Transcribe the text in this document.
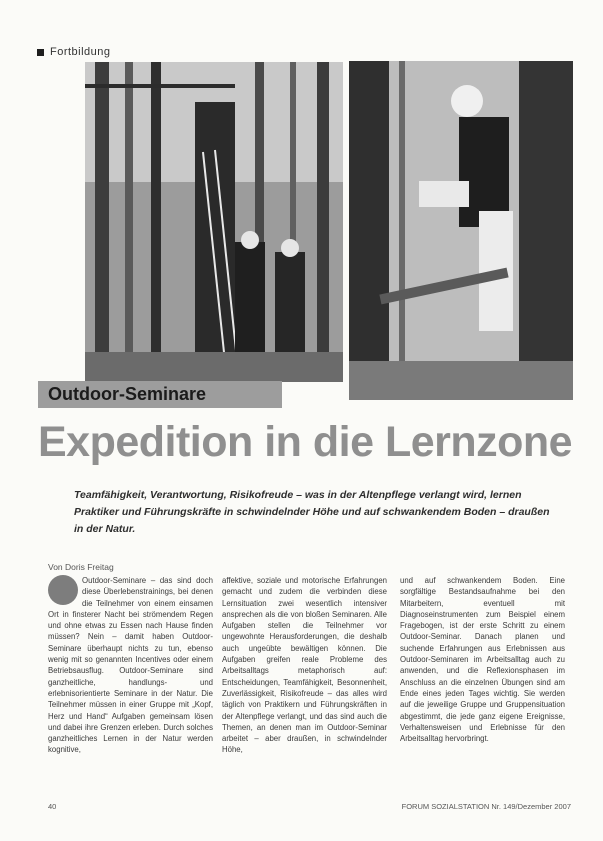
Fortbildung
Outdoor-Seminare
Expedition in die Lernzone
Teamfähigkeit, Verantwortung, Risikofreude – was in der Altenpflege verlangt wird, lernen Praktiker und Führungskräfte in schwindelnder Höhe und auf schwankendem Boden – draußen in der Natur.
Von Doris Freitag
Outdoor-Seminare – das sind doch diese Überlebenstrainings, bei denen die Teilnehmer von einem einsamen Ort in finsterer Nacht bei strömendem Regen und ohne etwas zu Essen nach Hause finden müssen? Nein – damit haben Outdoor-Seminare überhaupt nichts zu tun, ebenso wenig mit so genannten Incentives oder einem Betriebsausflug. Outdoor-Seminare sind ganzheitliche, handlungs- und erlebnisorientierte Seminare in der Natur. Die Teilnehmer müssen in einer Gruppe mit „Kopf, Herz und Hand“ Aufgaben gemeinsam lösen und dabei ihre Grenzen erleben. Durch solches ganzheitliches Lernen in der Natur werden kognitive,
affektive, soziale und motorische Erfahrungen gemacht und zudem die verbinden diese Lernsituation zwei wesentlich intensiver ansprechen als die von bloßen Seminaren. Alle Aufgaben stellen die Teilnehmer vor ungewohnte Herausforderungen, die deshalb auch ungeübte bewältigen können. Die Aufgaben greifen reale Probleme des Arbeitsalltags metaphorisch auf: Entscheidungen, Teamfähigkeit, Besonnenheit, Zuverlässigkeit, Risikofreude – das alles wird täglich von Praktikern und Führungskräften in der Altenpflege verlangt, und das sind auch die Themen, an denen man im Outdoor-Seminar arbeitet – aber draußen, in schwindelnder Höhe,
und auf schwankendem Boden. Eine sorgfältige Bestandsaufnahme bei den Mitarbeitern, eventuell mit Diagnoseinstrumenten zum Beispiel einem Fragebogen, ist der erste Schritt zu einem Outdoor-Seminar. Danach planen und suchende Erfahrungen aus Erlebnissen aus Outdoor-Seminaren im Arbeitsalltag auch zu anwenden, und die Reflexionsphasen im Anschluss an die einzelnen Übungen sind am Ende eines jeden Tages wichtig. Sie werden auf die jeweilige Gruppe und Gruppensituation abgestimmt, die jede ganz eigene Ereignisse, Verhaltensweisen und Erlebnisse für den Arbeitsalltag hervorbringt.
40	FORUM SOZIALSTATION Nr. 149/Dezember 2007
